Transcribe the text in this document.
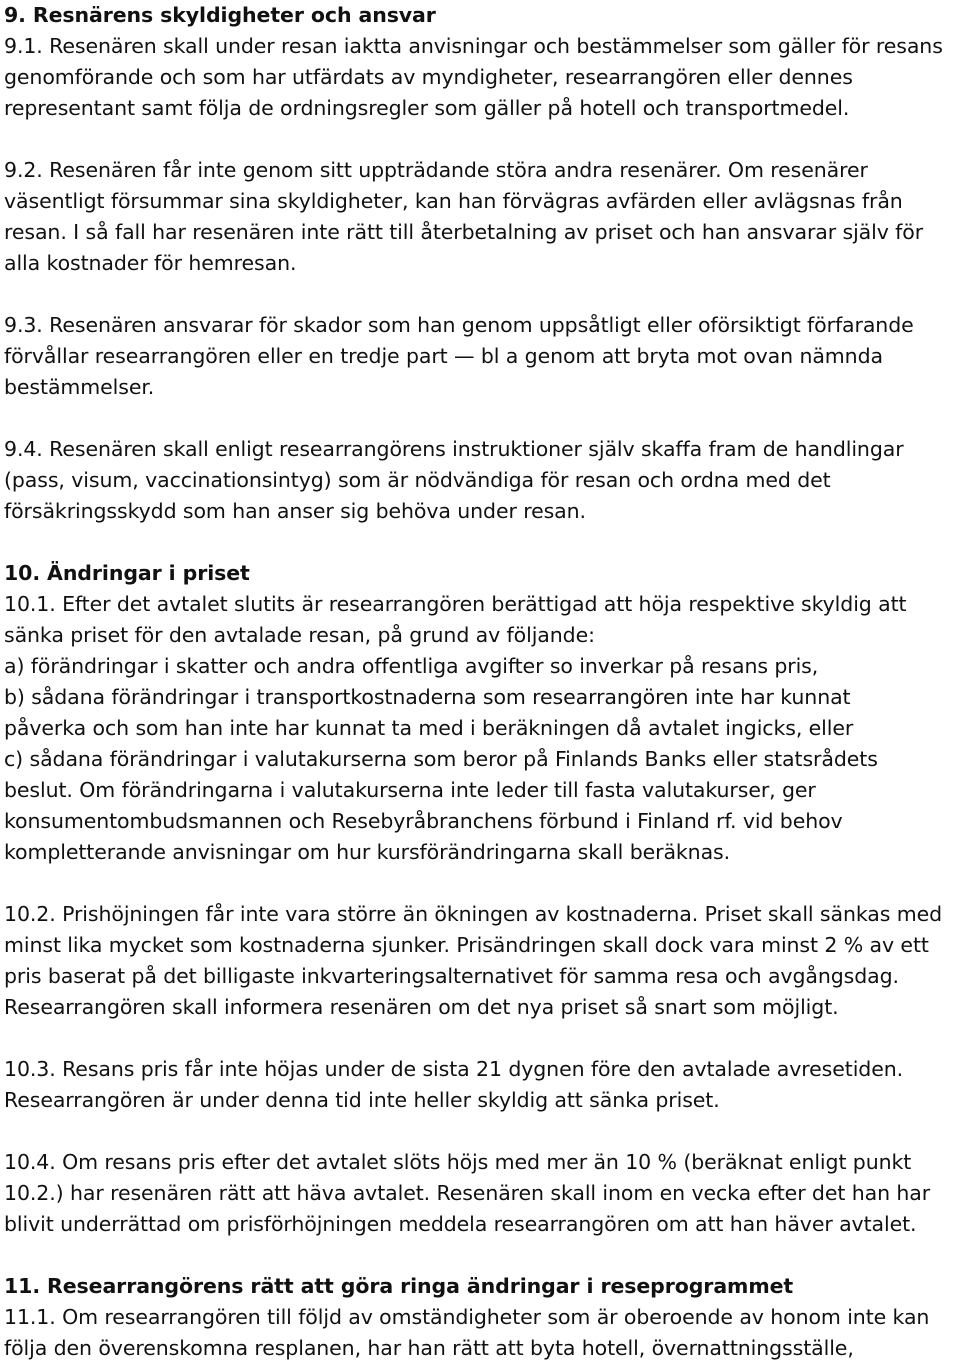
9. Resnärens skyldigheter och ansvar
9.1. Resenären skall under resan iaktta anvisningar och bestämmelser som gäller för resans
genomförande och som har utfärdats av myndigheter, researrangören eller dennes
representant samt följa de ordningsregler som gäller på hotell och transportmedel.
9.2. Resenären får inte genom sitt uppträdande störa andra resenärer. Om resenärer
väsentligt försummar sina skyldigheter, kan han förvägras avfärden eller avlägsnas från
resan. I så fall har resenären inte rätt till återbetalning av priset och han ansvarar själv för
alla kostnader för hemresan.
9.3. Resenären ansvarar för skador som han genom uppsåtligt eller oförsiktigt förfarande
förvållar researrangören eller en tredje part — bl a genom att bryta mot ovan nämnda
bestämmelser.
9.4. Resenären skall enligt researrangörens instruktioner själv skaffa fram de handlingar
(pass, visum, vaccinationsintyg) som är nödvändiga för resan och ordna med det
försäkringsskydd som han anser sig behöva under resan.
10. Ändringar i priset
10.1. Efter det avtalet slutits är researrangören berättigad att höja respektive skyldig att
sänka priset för den avtalade resan, på grund av följande:
a) förändringar i skatter och andra offentliga avgifter so inverkar på resans pris,
b) sådana förändringar i transportkostnaderna som researrangören inte har kunnat
påverka och som han inte har kunnat ta med i beräkningen då avtalet ingicks, eller
c) sådana förändringar i valutakurserna som beror på Finlands Banks eller statsrådets
beslut. Om förändringarna i valutakurserna inte leder till fasta valutakurser, ger
konsumentombudsmannen och Resebyråbranchens förbund i Finland rf. vid behov
kompletterande anvisningar om hur kursförändringarna skall beräknas.
10.2. Prishöjningen får inte vara större än ökningen av kostnaderna. Priset skall sänkas med
minst lika mycket som kostnaderna sjunker. Prisändringen skall dock vara minst 2 % av ett
pris baserat på det billigaste inkvarteringsalternativet för samma resa och avgångsdag.
Researrangören skall informera resenären om det nya priset så snart som möjligt.
10.3. Resans pris får inte höjas under de sista 21 dygnen före den avtalade avresetiden.
Researrangören är under denna tid inte heller skyldig att sänka priset.
10.4. Om resans pris efter det avtalet slöts höjs med mer än 10 % (beräknat enligt punkt
10.2.) har resenären rätt att häva avtalet. Resenären skall inom en vecka efter det han har
blivit underrättad om prisförhöjningen meddela researrangören om att han häver avtalet.
11. Researrangörens rätt att göra ringa ändringar i reseprogrammet
11.1. Om researrangören till följd av omständigheter som är oberoende av honom inte kan
följa den överenskomna resplanen, har han rätt att byta hotell, övernattningsställe,
